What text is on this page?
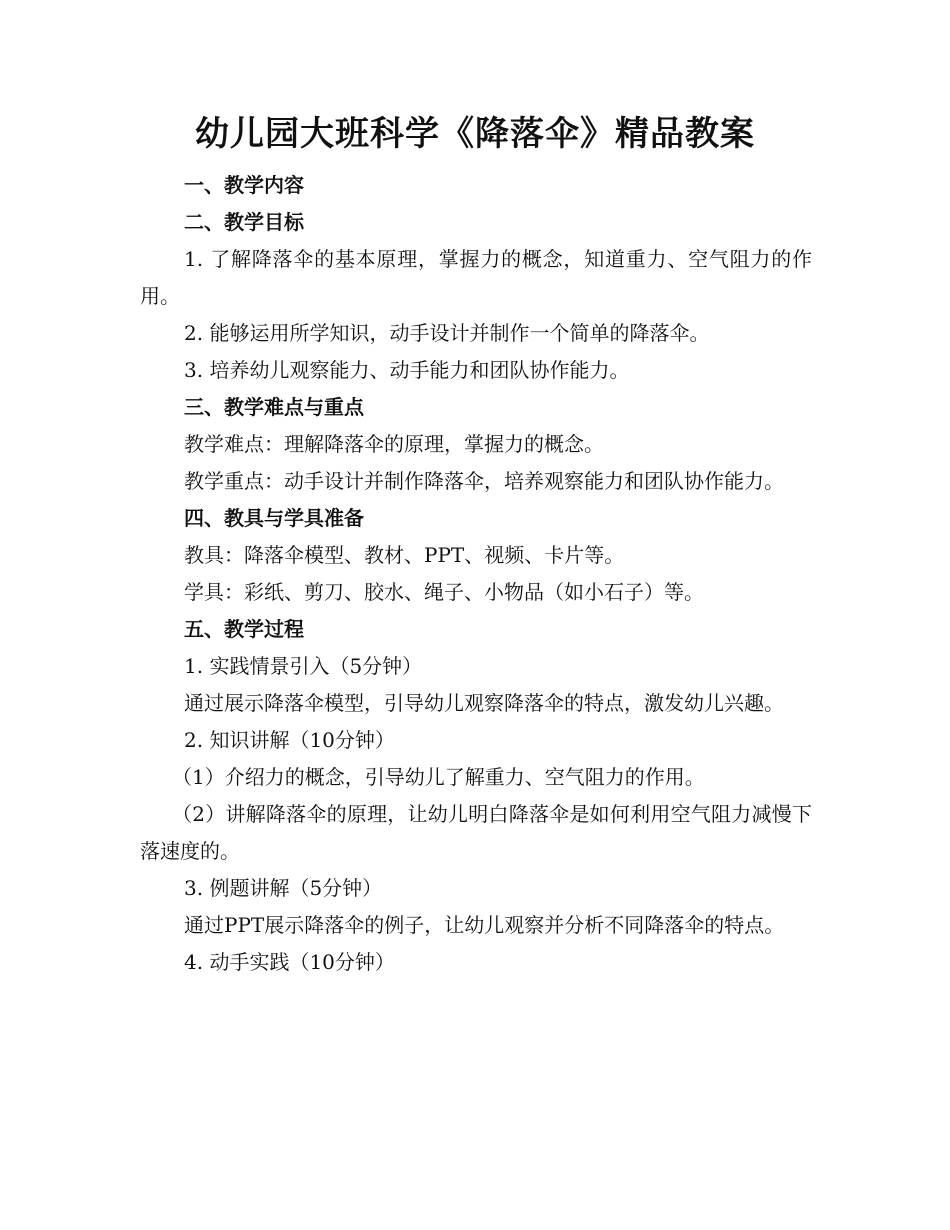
幼儿园大班科学《降落伞》精品教案

一、教学内容

二、教学目标

1. 了解降落伞的基本原理，掌握力的概念，知道重力、空气阻力的作用。

2. 能够运用所学知识，动手设计并制作一个简单的降落伞。

3. 培养幼儿观察能力、动手能力和团队协作能力。

三、教学难点与重点

教学难点：理解降落伞的原理，掌握力的概念。

教学重点：动手设计并制作降落伞，培养观察能力和团队协作能力。

四、教具与学具准备

教具：降落伞模型、教材、PPT、视频、卡片等。

学具：彩纸、剪刀、胶水、绳子、小物品（如小石子）等。

五、教学过程

1. 实践情景引入（5分钟）

通过展示降落伞模型，引导幼儿观察降落伞的特点，激发幼儿兴趣。

2. 知识讲解（10分钟）

（1）介绍力的概念，引导幼儿了解重力、空气阻力的作用。

（2）讲解降落伞的原理，让幼儿明白降落伞是如何利用空气阻力减慢下落速度的。

3. 例题讲解（5分钟）

通过PPT展示降落伞的例子，让幼儿观察并分析不同降落伞的特点。

4. 动手实践（10分钟）
